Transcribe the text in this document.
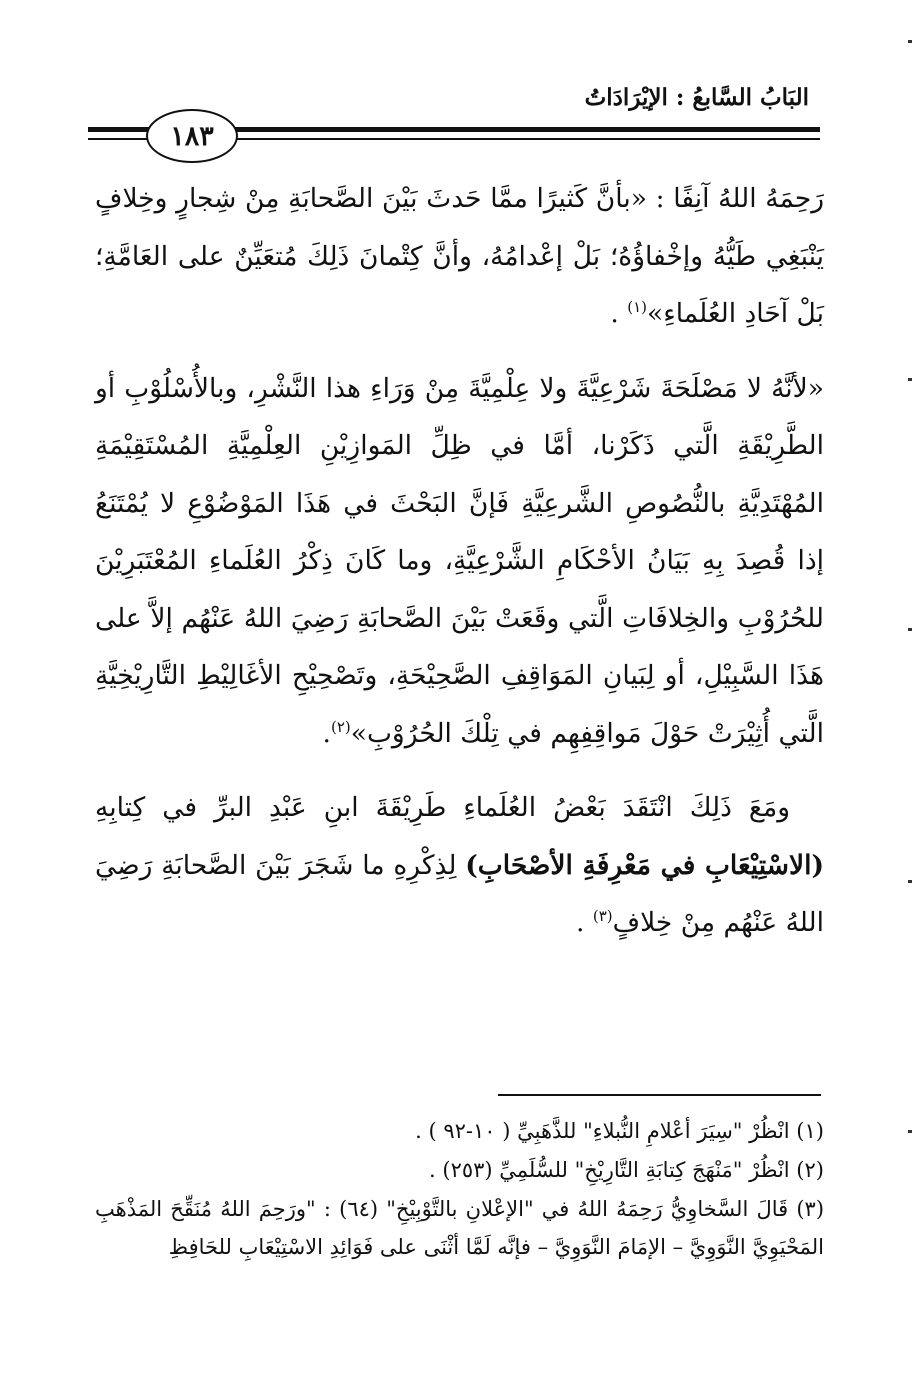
البَابُ السَّابعُ : الإيْرَادَاتُ
١٨٣

رَحِمَهُ اللهُ آنِفًا : «بأنَّ كَثيرًا ممَّا حَدثَ بَيْنَ الصَّحابَةِ مِنْ شِجارٍ وخِلافٍ يَنْبَغِي طَيُّهُ وإخْفاؤُهُ؛ بَلْ إعْدامُهُ، وأنَّ كِتْمانَ ذَلِكَ مُتعَيِّنٌ على العَامَّةِ؛ بَلْ آحَادِ العُلَماءِ»$^{(١)}$ .

«لأنَّهُ لا مَصْلَحَةَ شَرْعِيَّةَ ولا عِلْمِيَّةَ مِنْ وَرَاءِ هذا النَّشْرِ، وبالأُسْلُوْبِ أو الطَّرِيْقَةِ الَّتي ذَكَرْنا، أمَّا في ظِلِّ المَوازِيْنِ العِلْمِيَّةِ المُسْتَقِيْمَةِ المُهْتَدِيَّةِ بالنُّصُوصِ الشَّرعِيَّةِ فَإنَّ البَحْثَ في هَذَا المَوْضُوْعِ لا يُمْتَنَعُ إذا قُصِدَ بِهِ بَيَانُ الأحْكَامِ الشَّرْعِيَّةِ، وما كَانَ ذِكْرُ العُلَماءِ المُعْتَبَرِيْنَ للحُرُوْبِ والخِلافَاتِ الَّتي وقَعَتْ بَيْنَ الصَّحابَةِ رَضِيَ اللهُ عَنْهُم إلاَّ على هَذَا السَّبِيْلِ، أو لِبَيانِ المَوَاقِفِ الصَّحِيْحَةِ، وتَصْحِيْحِ الأغَالِيْطِ التَّارِيْخِيَّةِ الَّتي أُثِيْرَتْ حَوْلَ مَواقِفِهِم في تِلْكَ الحُرُوْبِ»$^{(٢)}$.

ومَعَ ذَلِكَ انْتَقَدَ بَعْضُ العُلَماءِ طَرِيْقَةَ ابنِ عَبْدِ البرِّ في كِتابِهِ (الاسْتِيْعَابِ في مَعْرِفَةِ الأصْحَابِ) لِذِكْرِهِ ما شَجَرَ بَيْنَ الصَّحابَةِ رَضِيَ اللهُ عَنْهُم مِنْ خِلافٍ$^{(٣)}$ .

(١) انْظُرْ "سِيَرَ أعْلامِ النُّبلاءِ" للذَّهَبِيِّ ( ١٠-٩٢ ) .

(٢) انْظُرْ "مَنْهَجَ كِتابَةِ التَّارِيْخِ" للسُّلَمِيِّ (٢٥٣) .

(٣) قَالَ السَّخاوِيُّ رَحِمَهُ اللهُ في "الإعْلانِ بالتَّوْبِيْخِ" (٦٤) : "ورَحِمَ اللهُ مُنَقِّحَ المَذْهَبِ المَحْيَوِيَّ النَّوَوِيَّ – الإمَامَ النَّوَوِيَّ – فإنَّه لَمَّا أثْنَى على فَوَائِدِ الاسْتِيْعَابِ للحَافِظِ
